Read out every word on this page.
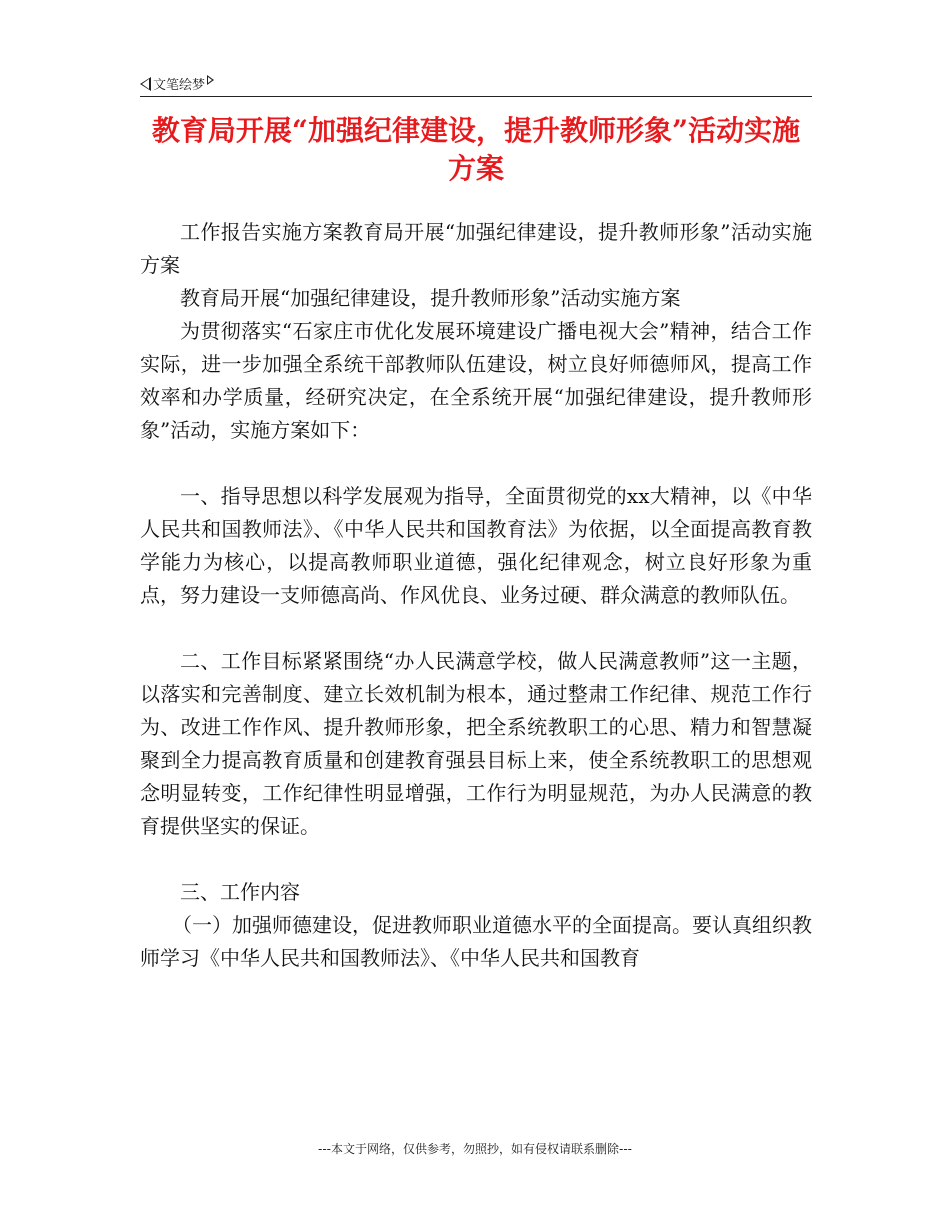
文笔绘梦
教育局开展“加强纪律建设，提升教师形象”活动实施方案

工作报告实施方案教育局开展“加强纪律建设，提升教师形象”活动实施方案

教育局开展“加强纪律建设，提升教师形象”活动实施方案

为贯彻落实“石家庄市优化发展环境建设广播电视大会”精神，结合工作实际，进一步加强全系统干部教师队伍建设，树立良好师德师风，提高工作效率和办学质量，经研究决定，在全系统开展“加强纪律建设，提升教师形象”活动，实施方案如下：

一、指导思想以科学发展观为指导，全面贯彻党的xx大精神，以《中华人民共和国教师法》、《中华人民共和国教育法》为依据，以全面提高教育教学能力为核心，以提高教师职业道德，强化纪律观念，树立良好形象为重点，努力建设一支师德高尚、作风优良、业务过硬、群众满意的教师队伍。

二、工作目标紧紧围绕“办人民满意学校，做人民满意教师”这一主题，以落实和完善制度、建立长效机制为根本，通过整肃工作纪律、规范工作行为、改进工作作风、提升教师形象，把全系统教职工的心思、精力和智慧凝聚到全力提高教育质量和创建教育强县目标上来，使全系统教职工的思想观念明显转变，工作纪律性明显增强，工作行为明显规范，为办人民满意的教育提供坚实的保证。

三、工作内容

（一）加强师德建设，促进教师职业道德水平的全面提高。要认真组织教师学习《中华人民共和国教师法》、《中华人民共和国教育

---本文于网络，仅供参考，勿照抄，如有侵权请联系删除---
